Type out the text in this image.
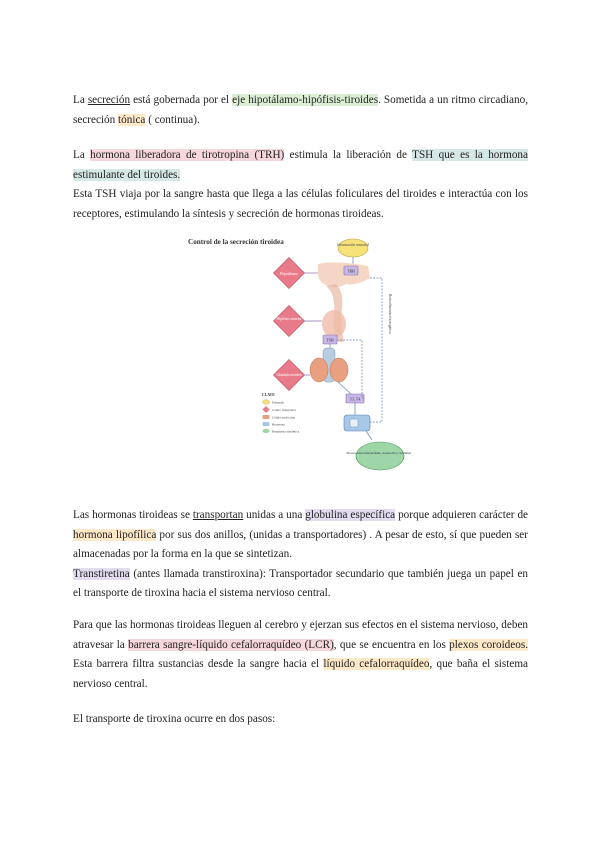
La secreción está gobernada por el eje hipotálamo-hipófisis-tiroides. Sometida a un ritmo circadiano, secreción tónica ( continua).
La hormona liberadora de tirotropina (TRH) estimula la liberación de TSH que es la hormona estimulante del tiroides.
Esta TSH viaja por la sangre hasta que llega a las células foliculares del tiroides e interactúa con los receptores, estimulando la síntesis y secreción de hormonas tiroideas.
Control de la secreción tiroidea	Información sensorial
Hipotálamo
TRH
Hipófisis anterior
TSH
Glándula tiroidea
T3, T4
Efectos sobre metabolismo, desarrollo y crecimiento
Retroalimentación negativa
CLAVE
Estímulo
Centro integrador
Célula endocrina
Hormona
Respuesta sistémica
Las hormonas tiroideas se transportan unidas a una globulina específica porque adquieren carácter de hormona lipofílica por sus dos anillos, (unidas a transportadores) . A pesar de esto, sí que pueden ser almacenadas por la forma en la que se sintetizan.
Transtiretina (antes llamada transtiroxina): Transportador secundario que también juega un papel en el transporte de tiroxina hacia el sistema nervioso central.
Para que las hormonas tiroideas lleguen al cerebro y ejerzan sus efectos en el sistema nervioso, deben atravesar la barrera sangre-líquido cefalorraquídeo (LCR), que se encuentra en los plexos coroideos. Esta barrera filtra sustancias desde la sangre hacia el líquido cefalorraquídeo, que baña el sistema nervioso central.
El transporte de tiroxina ocurre en dos pasos:
